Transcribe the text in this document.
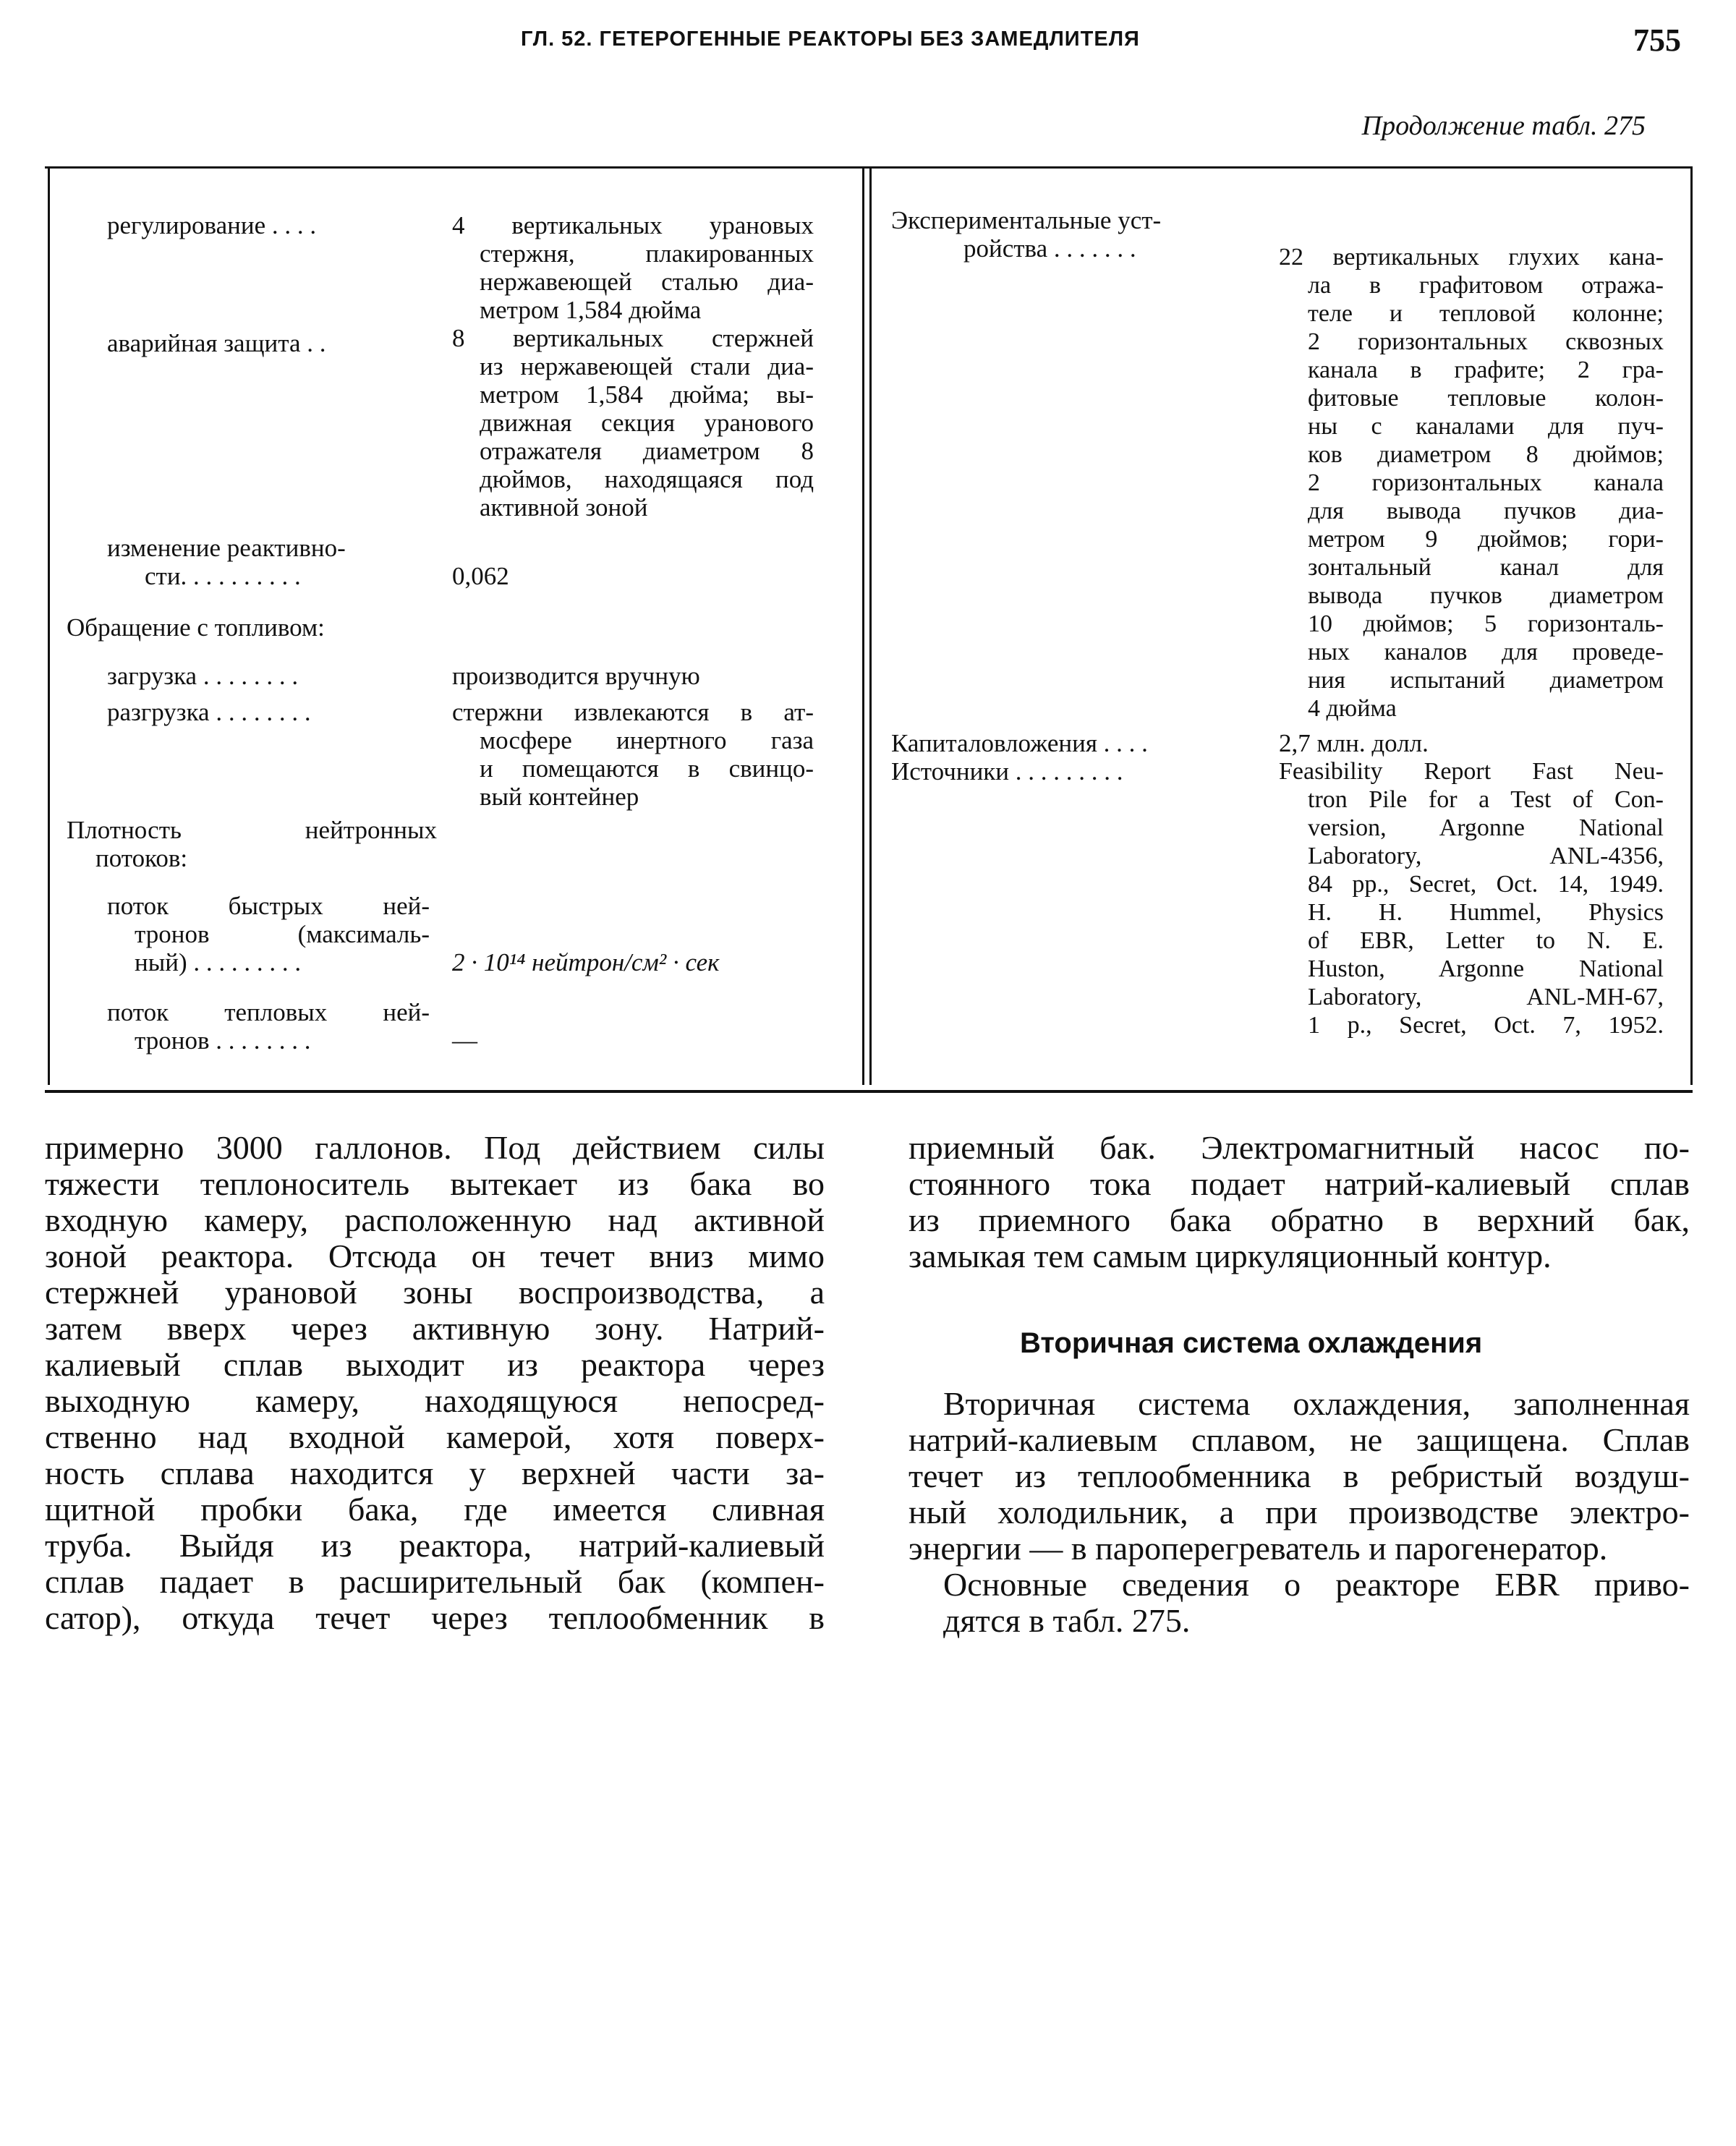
ГЛ. 52. ГЕТЕРОГЕННЫЕ РЕАКТОРЫ БЕЗ ЗАМЕДЛИТЕЛЯ	755
Продолжение табл. 275
регулирование . . . .	4 вертикальных урановых
стержня, плакированных
нержавеющей сталью диа-
метром 1,584 дюйма
аварийная защита . .	8 вертикальных стержней
из нержавеющей стали диа-
метром 1,584 дюйма; вы-
движная секция уранового
отражателя диаметром 8
дюймов, находящаяся под
активной зоной
изменение реактивно-
сти. . . . . . . . . .	0,062
Обращение с топливом:
загрузка . . . . . . . .	производится вручную
разгрузка . . . . . . . .	стержни извлекаются в ат-
мосфере инертного газа
и помещаются в свинцо-
вый контейнер
Плотность нейтронных
потоков:
поток быстрых ней-
тронов (максималь-
ный) . . . . . . . . .	2 · 10¹⁴ нейтрон/см² · сек
поток тепловых ней-
тронов . . . . . . . .	—
Экспериментальные уст-
ройства . . . . . . .	22 вертикальных глухих кана-
ла в графитовом отража-
теле и тепловой колонне;
2 горизонтальных сквозных
канала в графите; 2 гра-
фитовые тепловые колон-
ны с каналами для пуч-
ков диаметром 8 дюймов;
2 горизонтальных канала
для вывода пучков диа-
метром 9 дюймов; гори-
зонтальный канал для
вывода пучков диаметром
10 дюймов; 5 горизонталь-
ных каналов для проведе-
ния испытаний диаметром
4 дюйма
Капиталовложения . . . .	2,7 млн. долл.
Источники . . . . . . . . .	Feasibility Report Fast Neu-
tron Pile for a Test of Con-
version, Argonne National
Laboratory, ANL-4356,
84 pp., Secret, Oct. 14, 1949.
H. H. Hummel, Physics
of EBR, Letter to N. E.
Huston, Argonne National
Laboratory, ANL-MH-67,
1 p., Secret, Oct. 7, 1952.
примерно 3000 галлонов. Под действием силы
тяжести теплоноситель вытекает из бака во
входную камеру, расположенную над активной
зоной реактора. Отсюда он течет вниз мимо
стержней урановой зоны воспроизводства, а
затем вверх через активную зону. Натрий-
калиевый сплав выходит из реактора через
выходную камеру, находящуюся непосред-
ственно над входной камерой, хотя поверх-
ность сплава находится у верхней части за-
щитной пробки бака, где имеется сливная
труба. Выйдя из реактора, натрий-калиевый
сплав падает в расширительный бак (компен-
сатор), откуда течет через теплообменник в
приемный бак. Электромагнитный насос по-
стоянного тока подает натрий-калиевый сплав
из приемного бака обратно в верхний бак,
замыкая тем самым циркуляционный контур.
Вторичная система охлаждения
Вторичная система охлаждения, заполненная
натрий-калиевым сплавом, не защищена. Сплав
течет из теплообменника в ребристый воздуш-
ный холодильник, а при производстве электро-
энергии — в пароперегреватель и парогенератор.
Основные сведения о реакторе EBR приво-
дятся в табл. 275.
